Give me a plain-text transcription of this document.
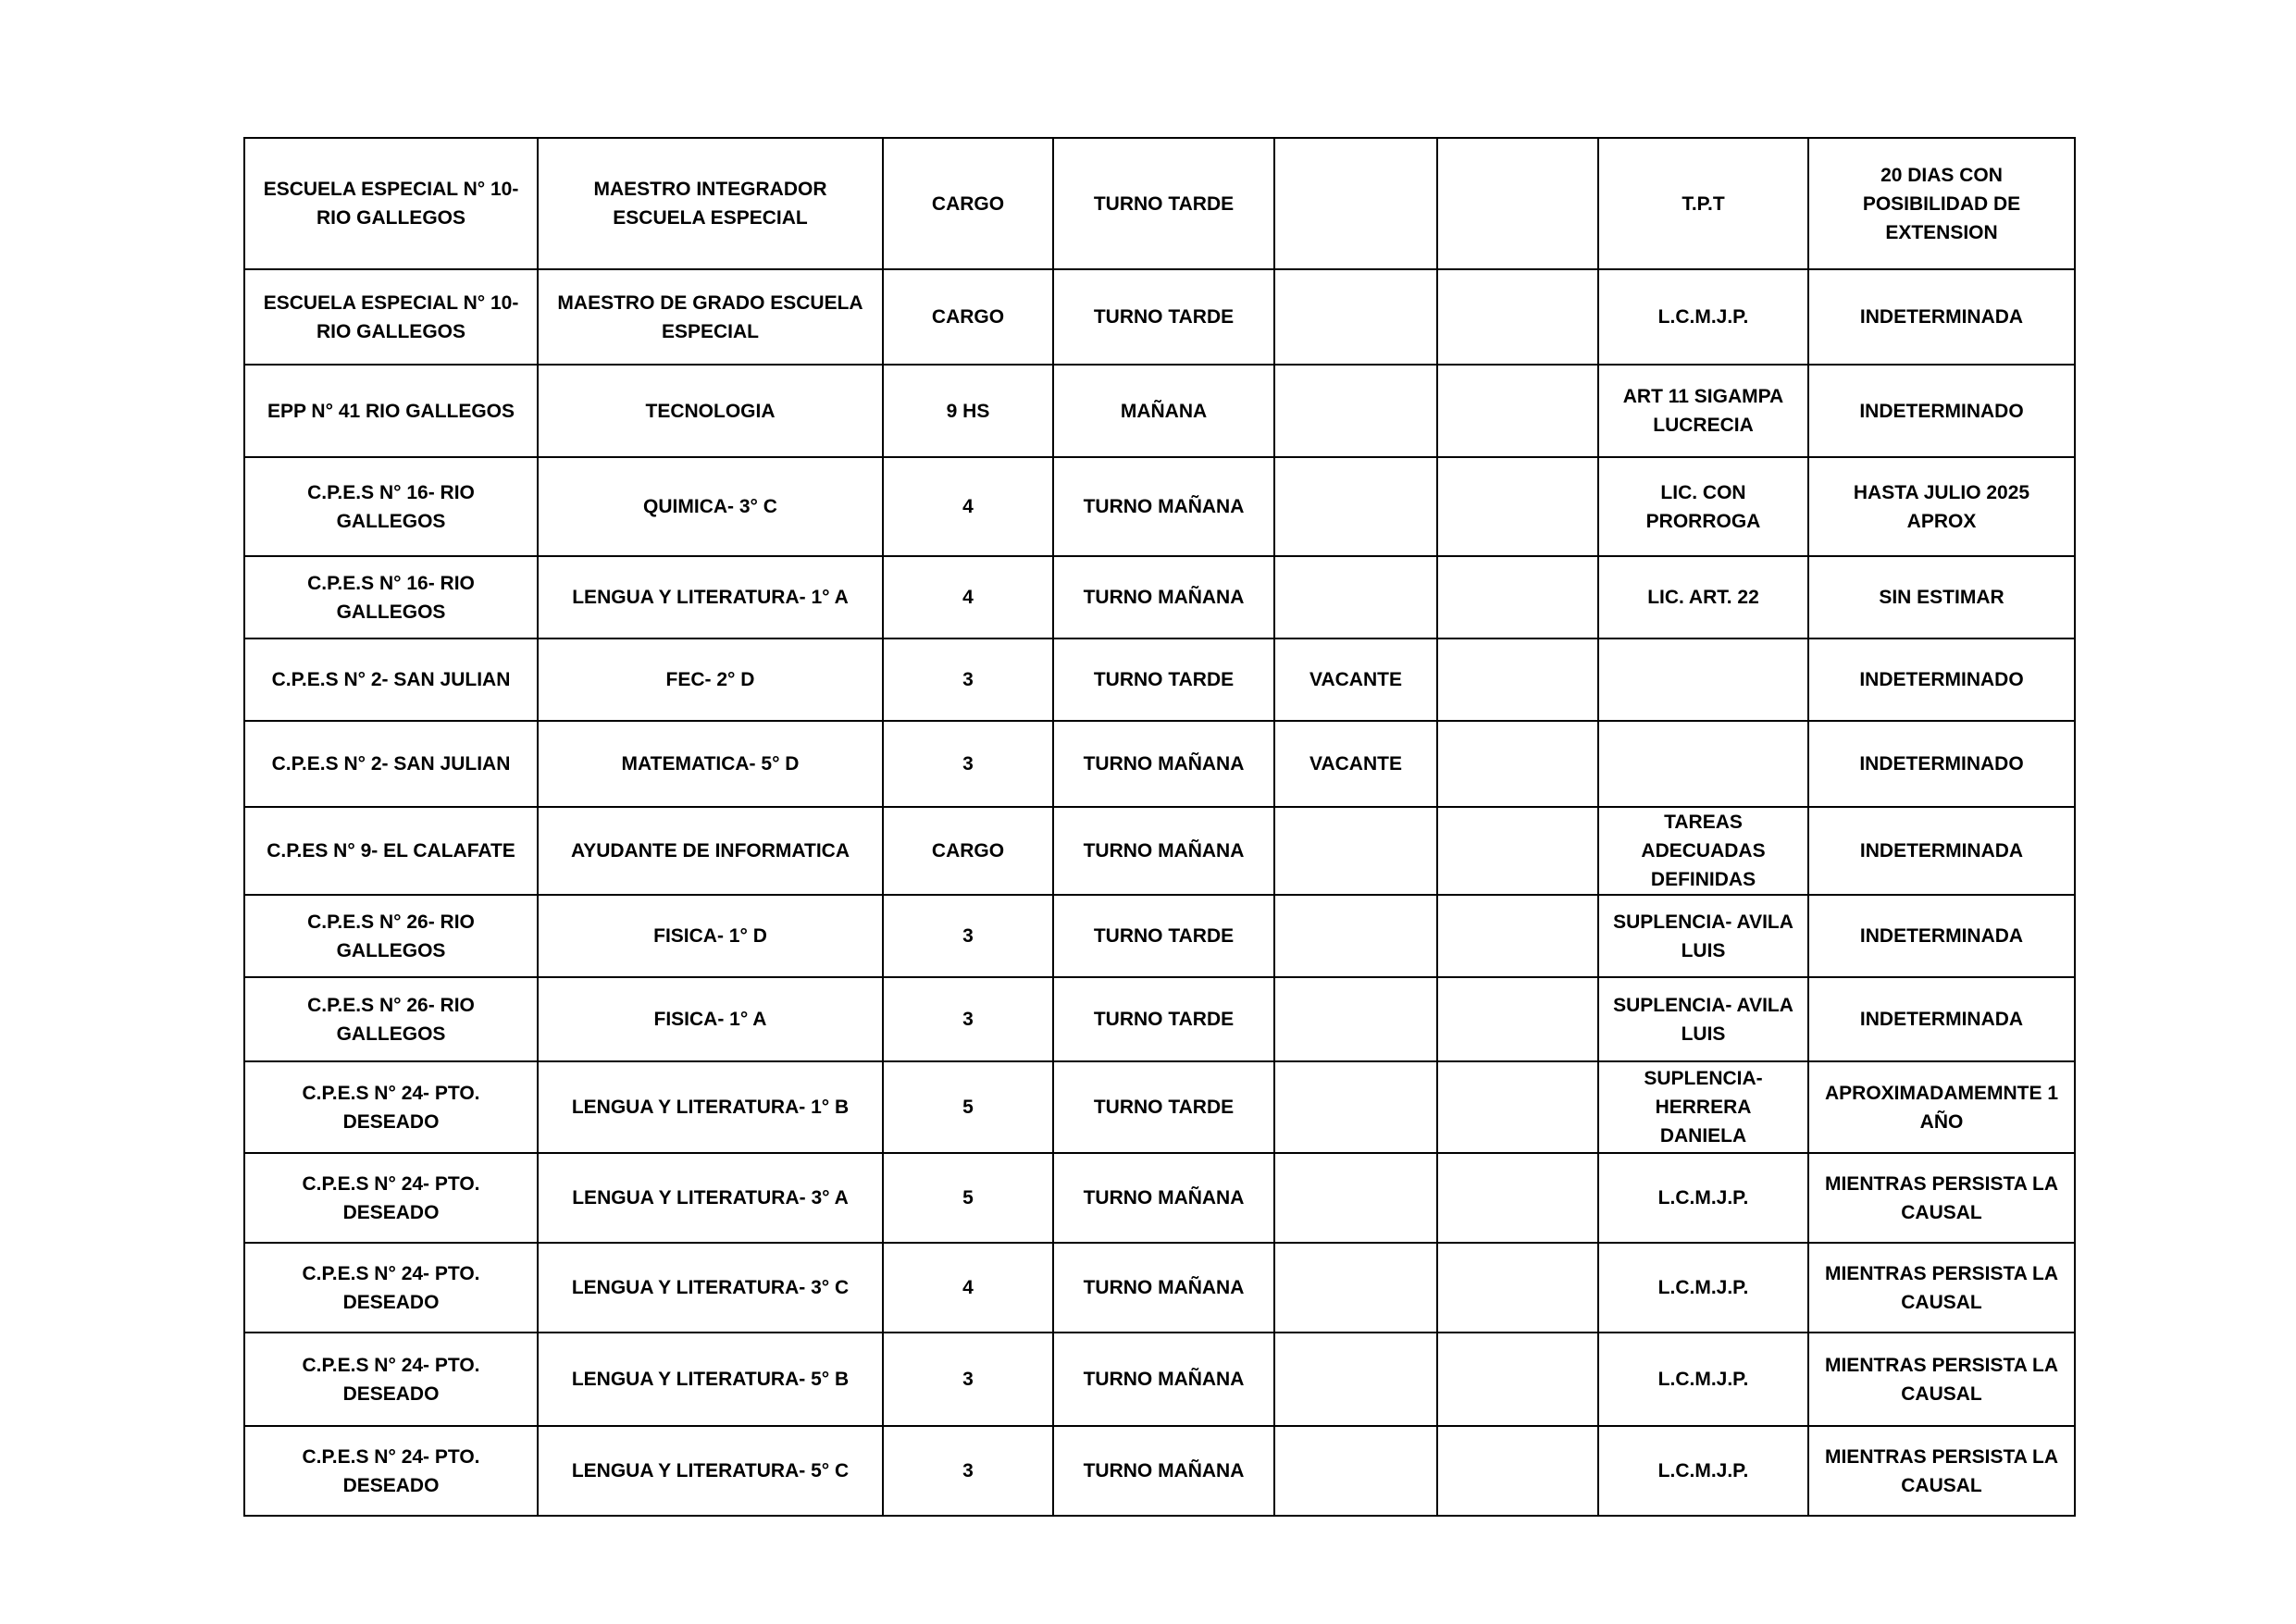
ESCUELA ESPECIAL N° 10- RIO GALLEGOS	MAESTRO INTEGRADOR ESCUELA ESPECIAL	CARGO	TURNO TARDE			T.P.T	20 DIAS CON POSIBILIDAD DE EXTENSION
ESCUELA ESPECIAL N° 10- RIO GALLEGOS	MAESTRO DE GRADO ESCUELA ESPECIAL	CARGO	TURNO TARDE			L.C.M.J.P.	INDETERMINADA
EPP N° 41 RIO GALLEGOS	TECNOLOGIA	9 HS	MAÑANA			ART 11 SIGAMPA LUCRECIA	INDETERMINADO
C.P.E.S N° 16- RIO GALLEGOS	QUIMICA- 3° C	4	TURNO MAÑANA			LIC. CON PRORROGA	HASTA JULIO 2025 APROX
C.P.E.S N° 16- RIO GALLEGOS	LENGUA Y LITERATURA- 1° A	4	TURNO MAÑANA			LIC. ART. 22	SIN ESTIMAR
C.P.E.S N° 2- SAN JULIAN	FEC- 2° D	3	TURNO TARDE	VACANTE			INDETERMINADO
C.P.E.S N° 2- SAN JULIAN	MATEMATICA- 5° D	3	TURNO MAÑANA	VACANTE			INDETERMINADO
C.P.ES N° 9- EL CALAFATE	AYUDANTE DE INFORMATICA	CARGO	TURNO MAÑANA			TAREAS ADECUADAS DEFINIDAS	INDETERMINADA
C.P.E.S N° 26- RIO GALLEGOS	FISICA- 1° D	3	TURNO TARDE			SUPLENCIA- AVILA LUIS	INDETERMINADA
C.P.E.S N° 26- RIO GALLEGOS	FISICA- 1° A	3	TURNO TARDE			SUPLENCIA- AVILA LUIS	INDETERMINADA
C.P.E.S N° 24- PTO. DESEADO	LENGUA Y LITERATURA- 1° B	5	TURNO TARDE			SUPLENCIA- HERRERA DANIELA	APROXIMADAMEMNTE 1 AÑO
C.P.E.S N° 24- PTO. DESEADO	LENGUA Y LITERATURA- 3° A	5	TURNO MAÑANA			L.C.M.J.P.	MIENTRAS PERSISTA LA CAUSAL
C.P.E.S N° 24- PTO. DESEADO	LENGUA Y LITERATURA- 3° C	4	TURNO MAÑANA			L.C.M.J.P.	MIENTRAS PERSISTA LA CAUSAL
C.P.E.S N° 24- PTO. DESEADO	LENGUA Y LITERATURA- 5° B	3	TURNO MAÑANA			L.C.M.J.P.	MIENTRAS PERSISTA LA CAUSAL
C.P.E.S N° 24- PTO. DESEADO	LENGUA Y LITERATURA- 5° C	3	TURNO MAÑANA			L.C.M.J.P.	MIENTRAS PERSISTA LA CAUSAL
